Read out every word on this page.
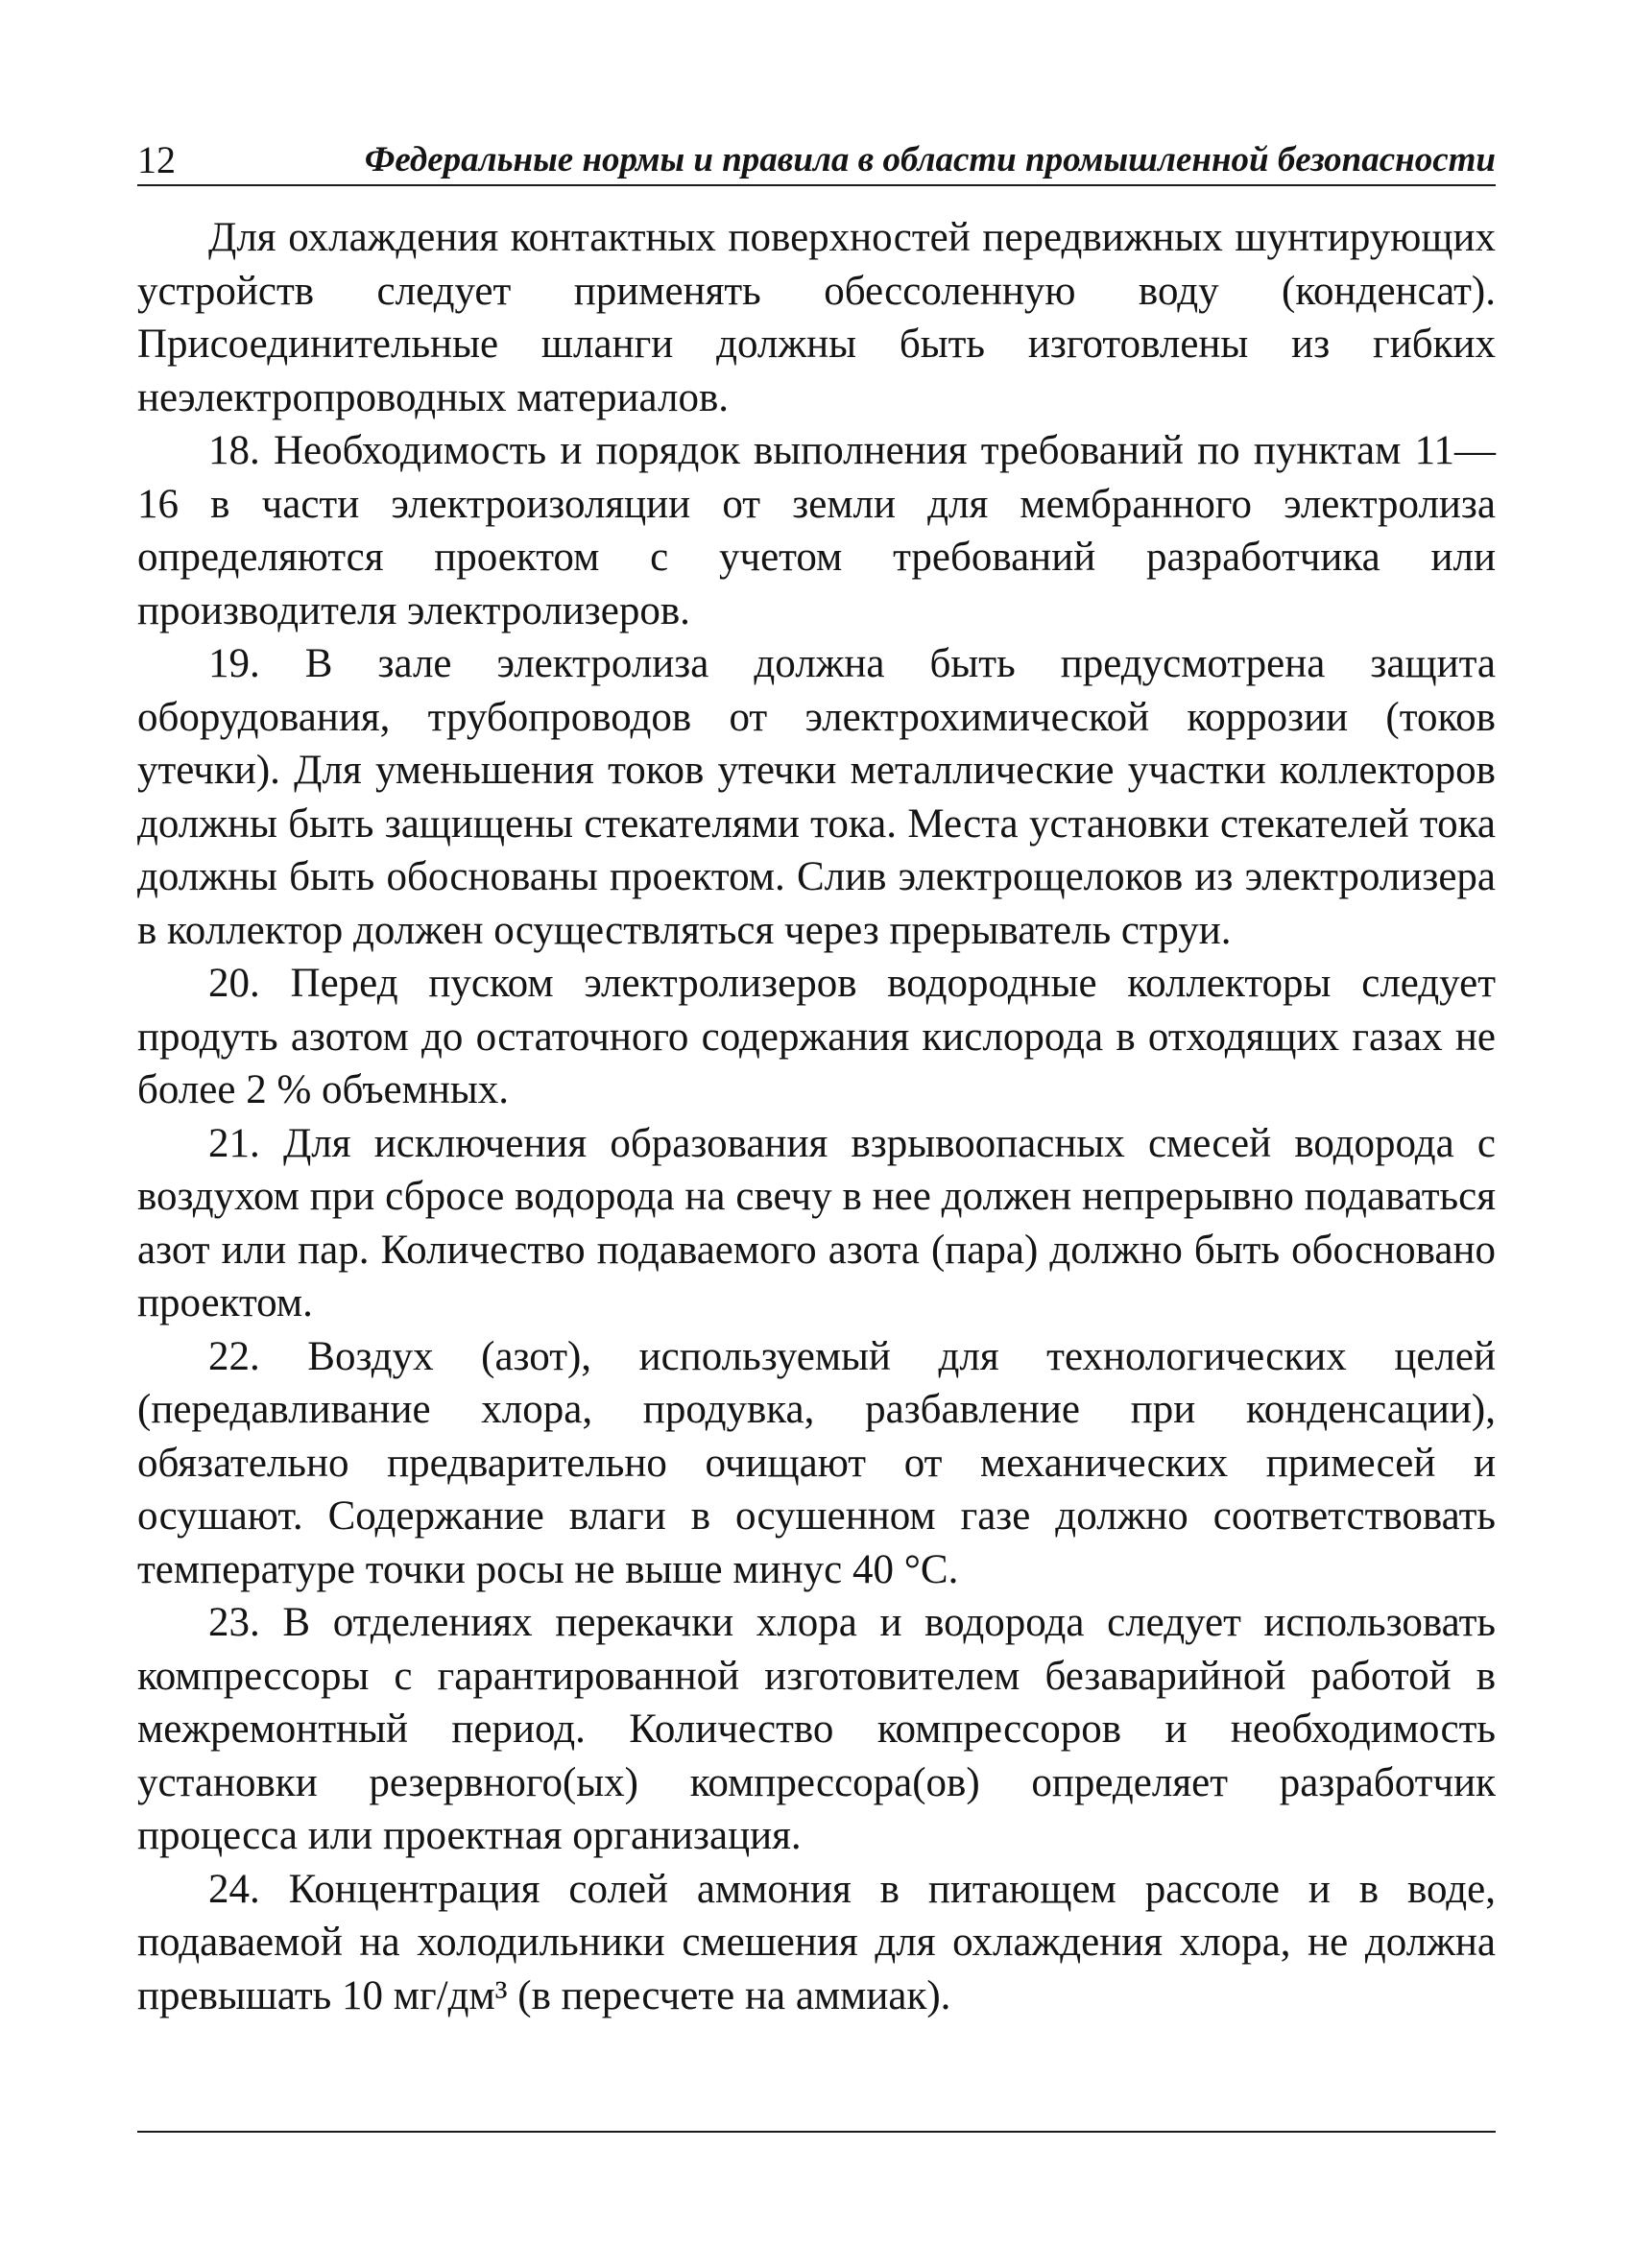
12	Федеральные нормы и правила в области промышленной безопасности

Для охлаждения контактных поверхностей передвижных шунтирующих устройств следует применять обессоленную воду (конденсат). Присоединительные шланги должны быть изготовлены из гибких неэлектропроводных материалов.

18. Необходимость и порядок выполнения требований по пунктам 11—16 в части электроизоляции от земли для мембранного электролиза определяются проектом с учетом требований разработчика или производителя электролизеров.

19. В зале электролиза должна быть предусмотрена защита оборудования, трубопроводов от электрохимической коррозии (токов утечки). Для уменьшения токов утечки металлические участки коллекторов должны быть защищены стекателями тока. Места установки стекателей тока должны быть обоснованы проектом. Слив электрощелоков из электролизера в коллектор должен осуществляться через прерыватель струи.

20. Перед пуском электролизеров водородные коллекторы следует продуть азотом до остаточного содержания кислорода в отходящих газах не более 2 % объемных.

21. Для исключения образования взрывоопасных смесей водорода с воздухом при сбросе водорода на свечу в нее должен непрерывно подаваться азот или пар. Количество подаваемого азота (пара) должно быть обосновано проектом.

22. Воздух (азот), используемый для технологических целей (передавливание хлора, продувка, разбавление при конденсации), обязательно предварительно очищают от механических примесей и осушают. Содержание влаги в осушенном газе должно соответствовать температуре точки росы не выше минус 40 °С.

23. В отделениях перекачки хлора и водорода следует использовать компрессоры с гарантированной изготовителем безаварийной работой в межремонтный период. Количество компрессоров и необходимость установки резервного(ых) компрессора(ов) определяет разработчик процесса или проектная организация.

24. Концентрация солей аммония в питающем рассоле и в воде, подаваемой на холодильники смешения для охлаждения хлора, не должна превышать 10 мг/дм³ (в пересчете на аммиак).
